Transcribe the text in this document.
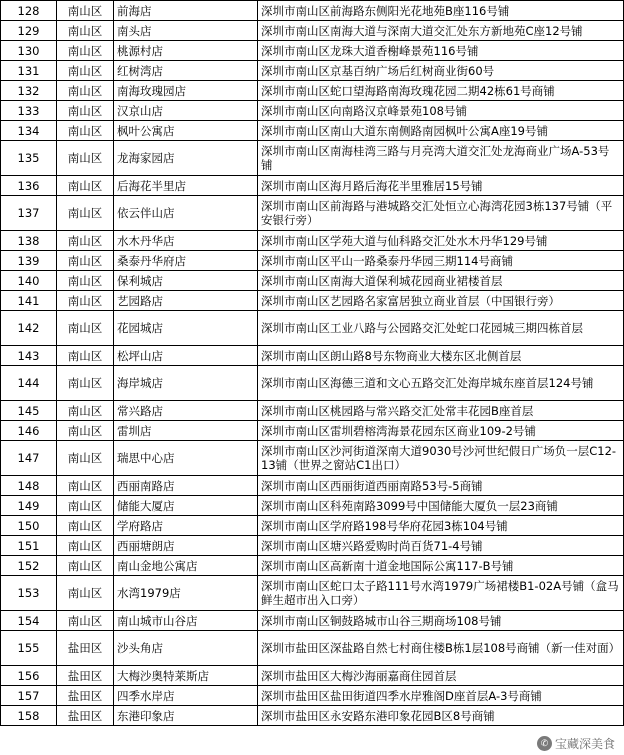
128	南山区	前海店	深圳市南山区前海路东侧阳光花地苑B座116号铺
129	南山区	南头店	深圳市南山区南海大道与深南大道交汇处东方新地苑C座12号铺
130	南山区	桃源村店	深圳市南山区龙珠大道香榭峰景苑116号铺
131	南山区	红树湾店	深圳市南山区京基百纳广场后红树商业街60号
132	南山区	南海玫瑰园店	深圳市南山区蛇口望海路南海玫瑰花园二期42栋61号商铺
133	南山区	汉京山店	深圳市南山区向南路汉京峰景苑108号铺
134	南山区	枫叶公寓店	深圳市南山区南山大道东南侧路南园枫叶公寓A座19号铺
135	南山区	龙海家园店	深圳市南山区南海桂湾三路与月亮湾大道交汇处龙海商业广场A-53号铺
136	南山区	后海花半里店	深圳市南山区海月路后海花半里雅居15号铺
137	南山区	依云伴山店	深圳市南山区前海路与港城路交汇处恒立心海湾花园3栋137号铺（平安银行旁）
138	南山区	水木丹华店	深圳市南山区学苑大道与仙科路交汇处水木丹华129号铺
139	南山区	桑泰丹华府店	深圳市南山区平山一路桑泰丹华园三期114号商铺
140	南山区	保利城店	深圳市南山区南海大道保利城花园商业裙楼首层
141	南山区	艺园路店	深圳市南山区艺园路名家富居独立商业首层（中国银行旁）
142	南山区	花园城店	深圳市南山区工业八路与公园路交汇处蛇口花园城三期四栋首层
143	南山区	松坪山店	深圳市南山区朗山路8号东物商业大楼东区北侧首层
144	南山区	海岸城店	深圳市南山区海德三道和文心五路交汇处海岸城东座首层124号铺
145	南山区	常兴路店	深圳市南山区桃园路与常兴路交汇处常丰花园B座首层
146	南山区	雷圳店	深圳市南山区雷圳碧榕湾海景花园东区商业109-2号铺
147	南山区	瑞思中心店	深圳市南山区沙河街道深南大道9030号沙河世纪假日广场负一层C12-13铺（世界之窗站C1出口）
148	南山区	西丽南路店	深圳市南山区西丽街道西丽南路53号-5商铺
149	南山区	储能大厦店	深圳市南山区科苑南路3099号中国储能大厦负一层23商铺
150	南山区	学府路店	深圳市南山区学府路198号华府花园3栋104号铺
151	南山区	西丽塘朗店	深圳市南山区塘兴路爱购时尚百货71-4号铺
152	南山区	南山金地公寓店	深圳市南山区高新南十道金地国际公寓117-B号铺
153	南山区	水湾1979店	深圳市南山区蛇口太子路111号水湾1979广场裙楼B1-02A号铺（盒马鲜生超市出入口旁）
154	南山区	南山城市山谷店	深圳市南山区铜鼓路城市山谷三期商场108号铺
155	盐田区	沙头角店	深圳市盐田区深盐路自然七村商住楼B栋1层108号商铺（新一佳对面）
156	盐田区	大梅沙奥特莱斯店	深圳市盐田区大梅沙海丽嘉商住园首层
157	盐田区	四季水岸店	深圳市盐田区盐田街道四季水岸雅阁D座首层A-3号商铺
158	盐田区	东港印象店	深圳市盐田区永安路东港印象花园B区8号商铺
✆ 宝藏深美食
